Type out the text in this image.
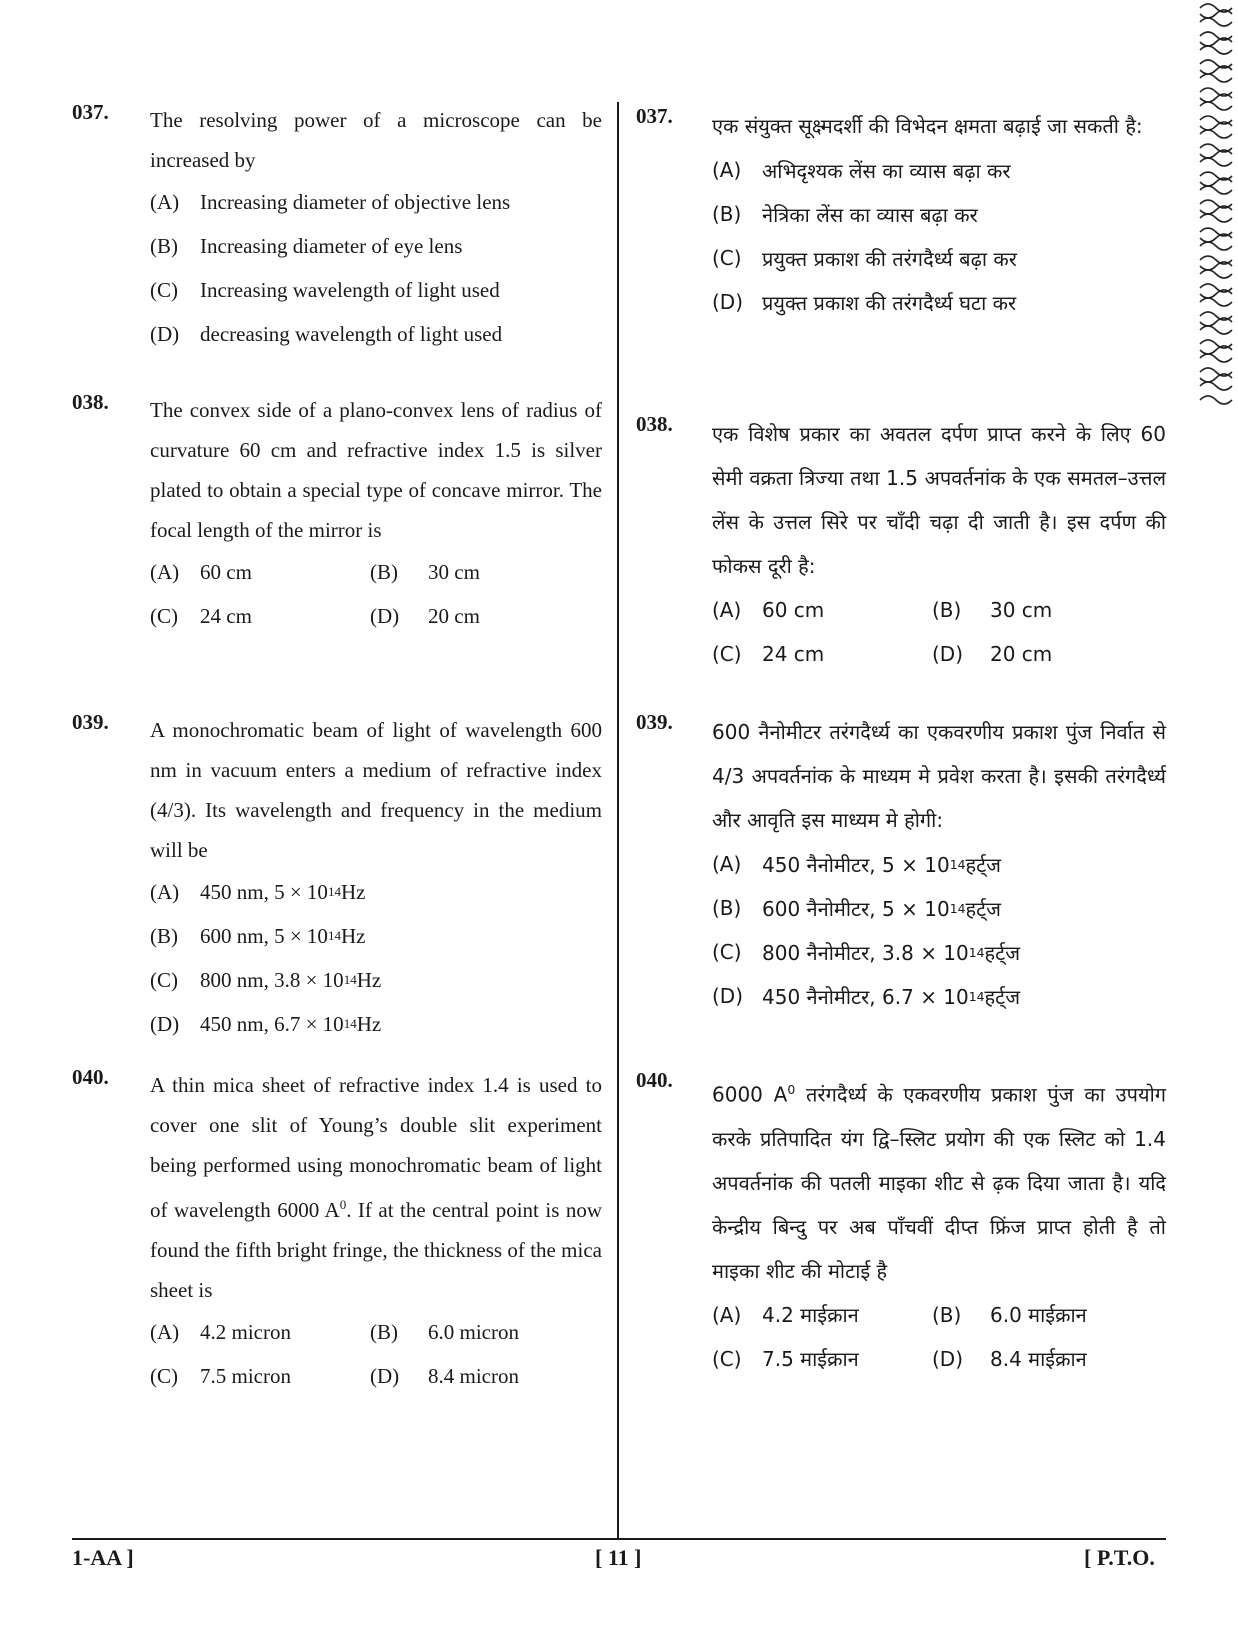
037. The resolving power of a microscope can be increased by
(A) Increasing diameter of objective lens
(B)	Increasing diameter of eye lens
(C)	Increasing wavelength of light used
(D) decreasing wavelength of light used
038. The convex side of a plano-convex lens of radius of curvature 60 cm and refractive index 1.5 is silver plated to obtain a special type of concave mirror. The focal length of the mirror is
(A) 60 cm	(B)	30 cm
(C)	24 cm	(D)	20 cm
039. A monochromatic beam of light of wavelength 600 nm in vacuum enters a medium of refractive index (4/3). Its wavelength and frequency in the medium will be
(A) 450 nm, 5 × 10 14 Hz
(B)	600 nm, 5 × 10 14 Hz
(C)	800 nm, 3.8 × 10 14 Hz
(D) 450 nm, 6.7 × 10 14 Hz
040. A thin mica sheet of refractive index 1.4 is used to cover one slit of Young’s double slit experiment being performed using monochromatic beam of light of wavelength 6000 $A^0$. If at the central point is now found the fifth bright fringe, the thickness of the mica sheet is
(A) 4.2 micron	(B)	6.0 micron
(C)	7.5 micron	(D)	8.4 micron
037. एक संयुक्त सूक्ष्मदर्शी की विभेदन क्षमता बढ़ाई जा सकती है:
(A)	अभिदृश्यक लेंस का व्यास बढ़ा कर
(B)	नेत्रिका लेंस का व्यास बढ़ा कर
(C)	प्रयुक्त प्रकाश की तरंगदैर्ध्य बढ़ा कर
(D) प्रयुक्त प्रकाश की तरंगदैर्ध्य घटा कर
038. एक विशेष प्रकार का अवतल दर्पण प्राप्त करने के लिए 60 सेमी वक्रता त्रिज्या तथा 1.5 अपवर्तनांक के एक समतल–उत्तल लेंस के उत्तल सिरे पर चाँदी चढ़ा दी जाती है। इस दर्पण की फोकस दूरी है:
(A)	60 cm	(B)	30 cm
(C)	24 cm	(D)	20 cm
039. 600 नैनोमीटर तरंगदैर्ध्य का एकवरणीय प्रकाश पुंज निर्वात से 4/3 अपवर्तनांक के माध्यम मे प्रवेश करता है। इसकी तरंगदैर्ध्य और आवृति इस माध्यम मे होगी:
(A)	450 नैनोमीटर, 5 × 10 14 हर्ट्ज
(B)	600 नैनोमीटर, 5 × 10 14 हर्ट्ज
(C)	800 नैनोमीटर, 3.8 × 10 14 हर्ट्ज
(D) 450 नैनोमीटर, 6.7 × 10 14 हर्ट्ज
040.
6000 $A^0$ तरंगदैर्ध्य के एकवरणीय प्रकाश पुंज का उपयोग करके प्रतिपादित यंग द्वि–स्लिट प्रयोग की एक स्लिट को 1.4 अपवर्तनांक की पतली माइका शीट से ढ़क दिया जाता है। यदि केन्द्रीय बिन्दु पर अब पाँचवीं दीप्त फ्रिंज प्राप्त होती है तो माइका शीट की मोटाई है
(A)	4.2 माईक्रान	(B)	6.0 माईक्रान
(C)	7.5 माईक्रान	(D)	8.4 माईक्रान
1-AA ]	[ 11 ]	[ P.T.O.
